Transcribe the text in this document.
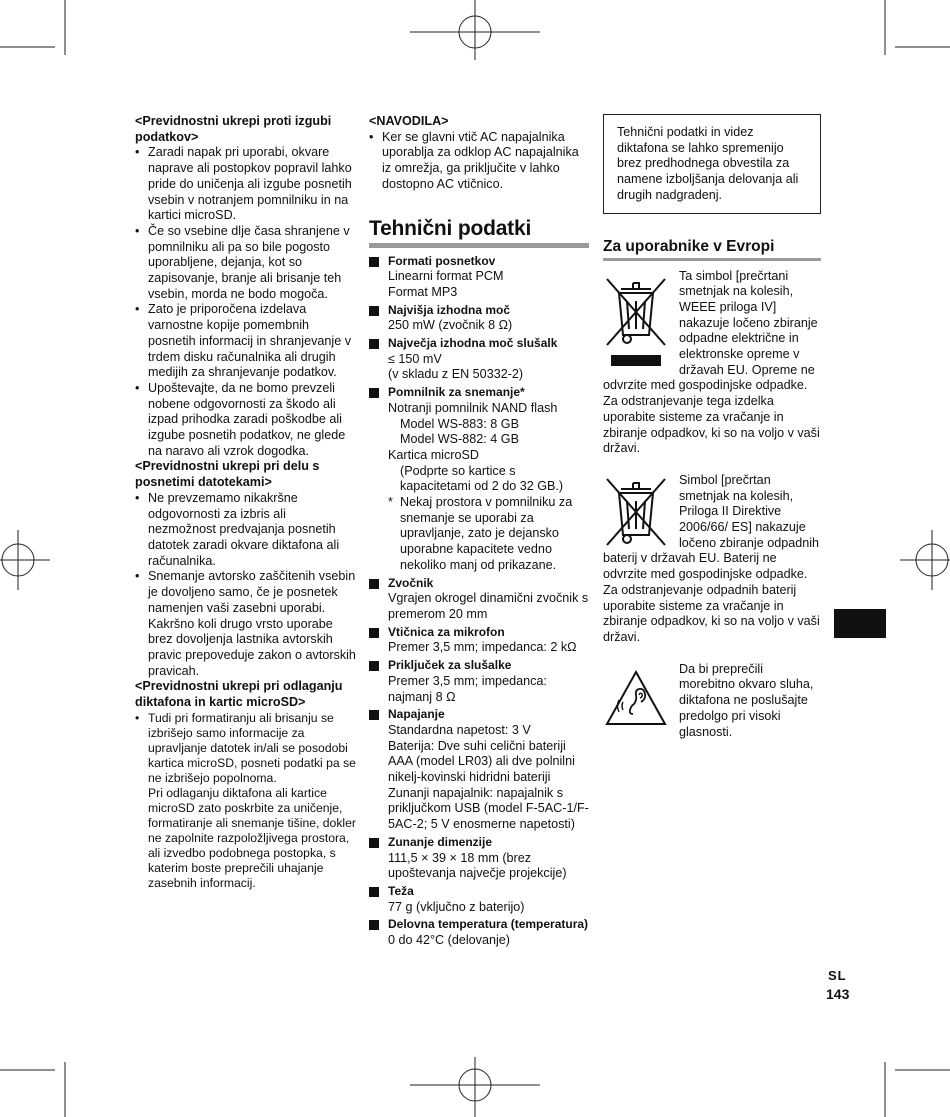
<Previdnostni ukrepi proti izgubi podatkov>
• Zaradi napak pri uporabi, okvare naprave ali postopkov popravil lahko pride do uničenja ali izgube posnetih vsebin v notranjem pomnilniku in na kartici microSD.
• Če so vsebine dlje časa shranjene v pomnilniku ali pa so bile pogosto uporabljene, dejanja, kot so zapisovanje, branje ali brisanje teh vsebin, morda ne bodo mogoča.
• Zato je priporočena izdelava varnostne kopije pomembnih posnetih informacij in shranjevanje v trdem disku računalnika ali drugih medijih za shranjevanje podatkov.
• Upoštevajte, da ne bomo prevzeli nobene odgovornosti za škodo ali izpad prihodka zaradi poškodbe ali izgube posnetih podatkov, ne glede na naravo ali vzrok dogodka.
<Previdnostni ukrepi pri delu s posnetimi datotekami>
• Ne prevzemamo nikakršne odgovornosti za izbris ali nezmožnost predvajanja posnetih datotek zaradi okvare diktafona ali računalnika.
• Snemanje avtorsko zaščitenih vsebin je dovoljeno samo, če je posnetek namenjen vaši zasebni uporabi. Kakršno koli drugo vrsto uporabe brez dovoljenja lastnika avtorskih pravic prepoveduje zakon o avtorskih pravicah.
<Previdnostni ukrepi pri odlaganju diktafona in kartic microSD>
• Tudi pri formatiranju ali brisanju se izbrišejo samo informacije za upravljanje datotek in/ali se posodobi kartica microSD, posneti podatki pa se ne izbrišejo popolnoma.
Pri odlaganju diktafona ali kartice microSD zato poskrbite za uničenje, formatiranje ali snemanje tišine, dokler ne zapolnite razpoložljivega prostora, ali izvedbo podobnega postopka, s katerim boste preprečili uhajanje zasebnih informacij.
<NAVODILA>
• Ker se glavni vtič AC napajalnika uporablja za odklop AC napajalnika iz omrežja, ga priključite v lahko dostopno AC vtičnico.
Tehnični podatki
Formati posnetkov
Linearni format PCM
Format MP3
Najvišja izhodna moč
250 mW (zvočnik 8 Ω)
Največja izhodna moč slušalk
≤ 150 mV
(v skladu z EN 50332-2)
Pomnilnik za snemanje*
Notranji pomnilnik NAND flash
Model WS-883: 8 GB
Model WS-882: 4 GB
Kartica microSD
(Podprte so kartice s kapacitetami od 2 do 32 GB.)
* Nekaj prostora v pomnilniku za snemanje se uporabi za upravljanje, zato je dejansko uporabne kapacitete vedno nekoliko manj od prikazane.
Zvočnik
Vgrajen okrogel dinamični zvočnik s premerom 20 mm
Vtičnica za mikrofon
Premer 3,5 mm; impedanca: 2 kΩ
Priključek za slušalke
Premer 3,5 mm; impedanca: najmanj 8 Ω
Napajanje
Standardna napetost: 3 V
Baterija: Dve suhi celični bateriji AAA (model LR03) ali dve polnilni nikelj-kovinski hidridni bateriji
Zunanji napajalnik: napajalnik s priključkom USB (model F-5AC-1/F-5AC-2; 5 V enosmerne napetosti)
Zunanje dimenzije
111,5 × 39 × 18 mm (brez upoštevanja največje projekcije)
Teža
77 g (vključno z baterijo)
Delovna temperatura (temperatura)
0 do 42°C (delovanje)
Tehnični podatki in videz diktafona se lahko spremenijo brez predhodnega obvestila za namene izboljšanja delovanja ali drugih nadgradenj.
Za uporabnike v Evropi
Ta simbol [prečrtani smetnjak na kolesih, WEEE priloga IV] nakazuje ločeno zbiranje odpadne električne in elektronske opreme v državah EU. Opreme ne odvrzite med gospodinjske odpadke. Za odstranjevanje tega izdelka uporabite sisteme za vračanje in zbiranje odpadkov, ki so na voljo v vaši državi.
Simbol [prečrtan smetnjak na kolesih, Priloga II Direktive 2006/66/ ES] nakazuje ločeno zbiranje odpadnih baterij v državah EU. Baterij ne odvrzite med gospodinjske odpadke. Za odstranjevanje odpadnih baterij uporabite sisteme za vračanje in zbiranje odpadkov, ki so na voljo v vaši državi.
Da bi preprečili morebitno okvaro sluha, diktafona ne poslušajte predolgo pri visoki glasnosti.
SL
143
